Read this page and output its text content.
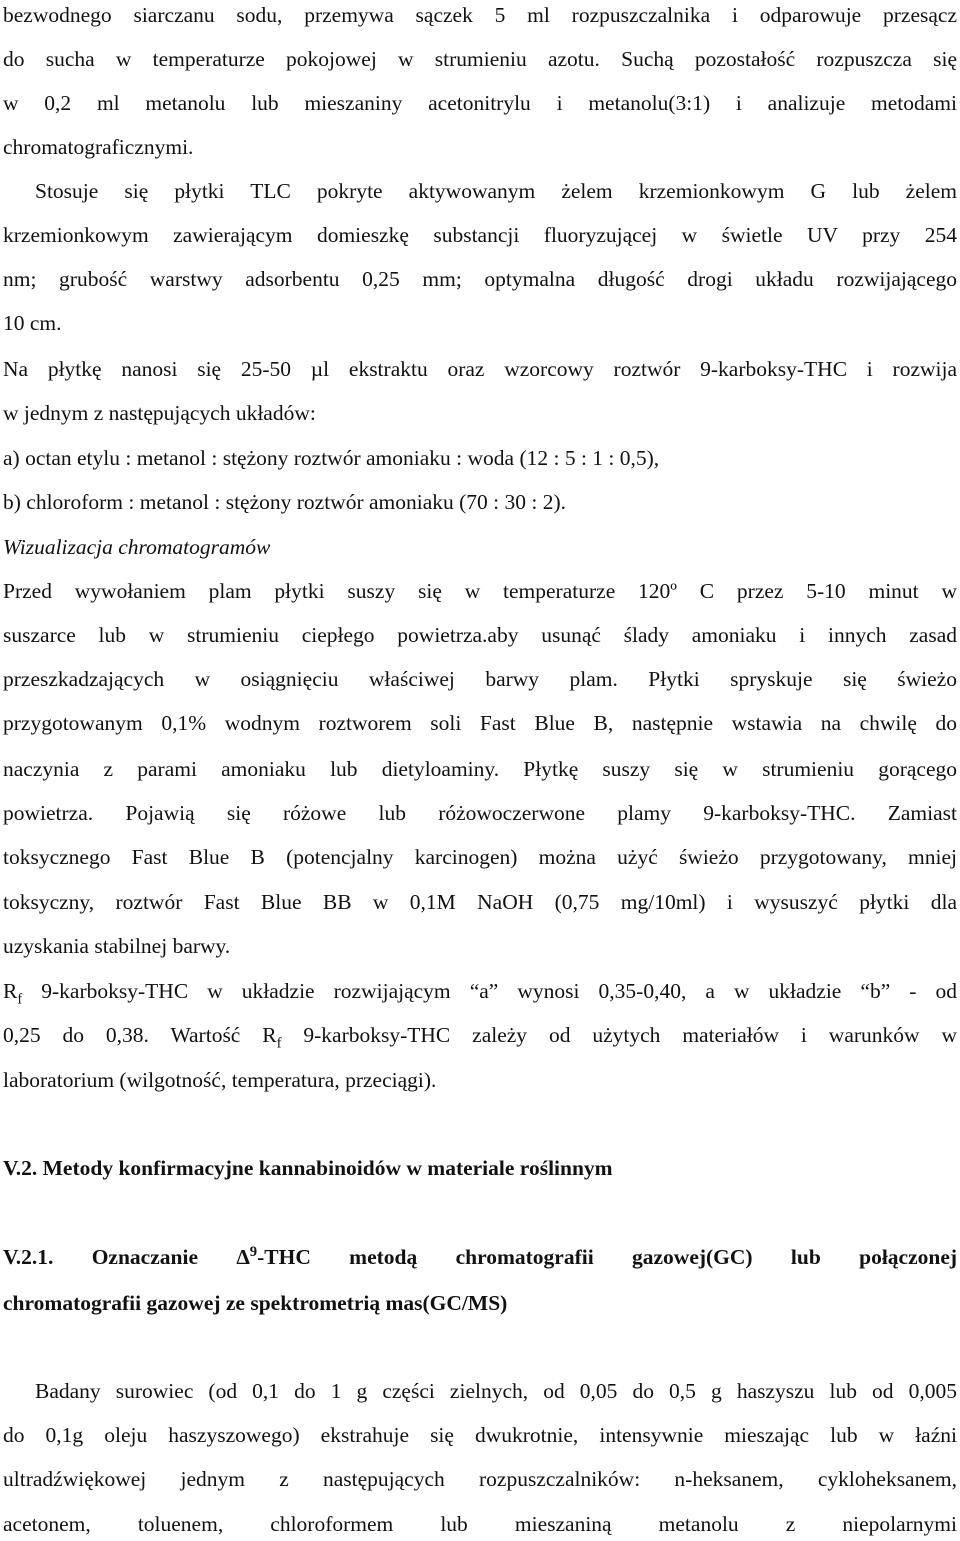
bezwodnego siarczanu sodu, przemywa sączek 5 ml rozpuszczalnika i odparowuje przesącz
do sucha w temperaturze pokojowej w strumieniu azotu. Suchą pozostałość rozpuszcza się
w 0,2 ml metanolu lub mieszaniny acetonitrylu i metanolu(3:1) i analizuje metodami
chromatograficznymi.
Stosuje się płytki TLC pokryte aktywowanym żelem krzemionkowym G lub żelem
krzemionkowym zawierającym domieszkę substancji fluoryzującej w świetle UV przy 254
nm; grubość warstwy adsorbentu 0,25 mm; optymalna długość drogi układu rozwijającego
10 cm.
Na płytkę nanosi się 25-50 µl ekstraktu oraz wzorcowy roztwór 9-karboksy-THC i rozwija
w jednym z następujących układów:
a) octan etylu : metanol : stężony roztwór amoniaku : woda (12 : 5 : 1 : 0,5),
b) chloroform : metanol : stężony roztwór amoniaku (70 : 30 : 2).
Wizualizacja chromatogramów
Przed wywołaniem plam płytki suszy się w temperaturze 120º C przez 5-10 minut w
suszarce lub w strumieniu ciepłego powietrza.aby usunąć ślady amoniaku i innych zasad
przeszkadzających w osiągnięciu właściwej barwy plam. Płytki spryskuje się świeżo
przygotowanym 0,1% wodnym roztworem soli Fast Blue B, następnie wstawia na chwilę do
naczynia z parami amoniaku lub dietyloaminy. Płytkę suszy się w strumieniu gorącego
powietrza. Pojawią się różowe lub różowoczerwone plamy 9-karboksy-THC. Zamiast
toksycznego Fast Blue B (potencjalny karcinogen) można użyć świeżo przygotowany, mniej
toksyczny, roztwór Fast Blue BB w 0,1M NaOH (0,75 mg/10ml) i wysuszyć płytki dla
uzyskania stabilnej barwy.
$R_f$ 9-karboksy-THC w układzie rozwijającym “a” wynosi 0,35-0,40, a w układzie “b” - od
0,25 do 0,38. Wartość $R_f$ 9-karboksy-THC zależy od użytych materiałów i warunków w
laboratorium (wilgotność, temperatura, przeciągi).
V.2. Metody konfirmacyjne kannabinoidów w materiale roślinnym
V.2.1. Oznaczanie $\Delta^9$-THC metodą chromatografii gazowej(GC) lub połączonej
chromatografii gazowej ze spektrometrią mas(GC/MS)
Badany surowiec (od 0,1 do 1 g części zielnych, od 0,05 do 0,5 g haszyszu lub od 0,005
do 0,1g oleju haszyszowego) ekstrahuje się dwukrotnie, intensywnie mieszając lub w łaźni
ultradźwiękowej jednym z następujących rozpuszczalników: n-heksanem, cykloheksanem,
acetonem, toluenem, chloroformem lub mieszaniną metanolu z niepolarnymi
